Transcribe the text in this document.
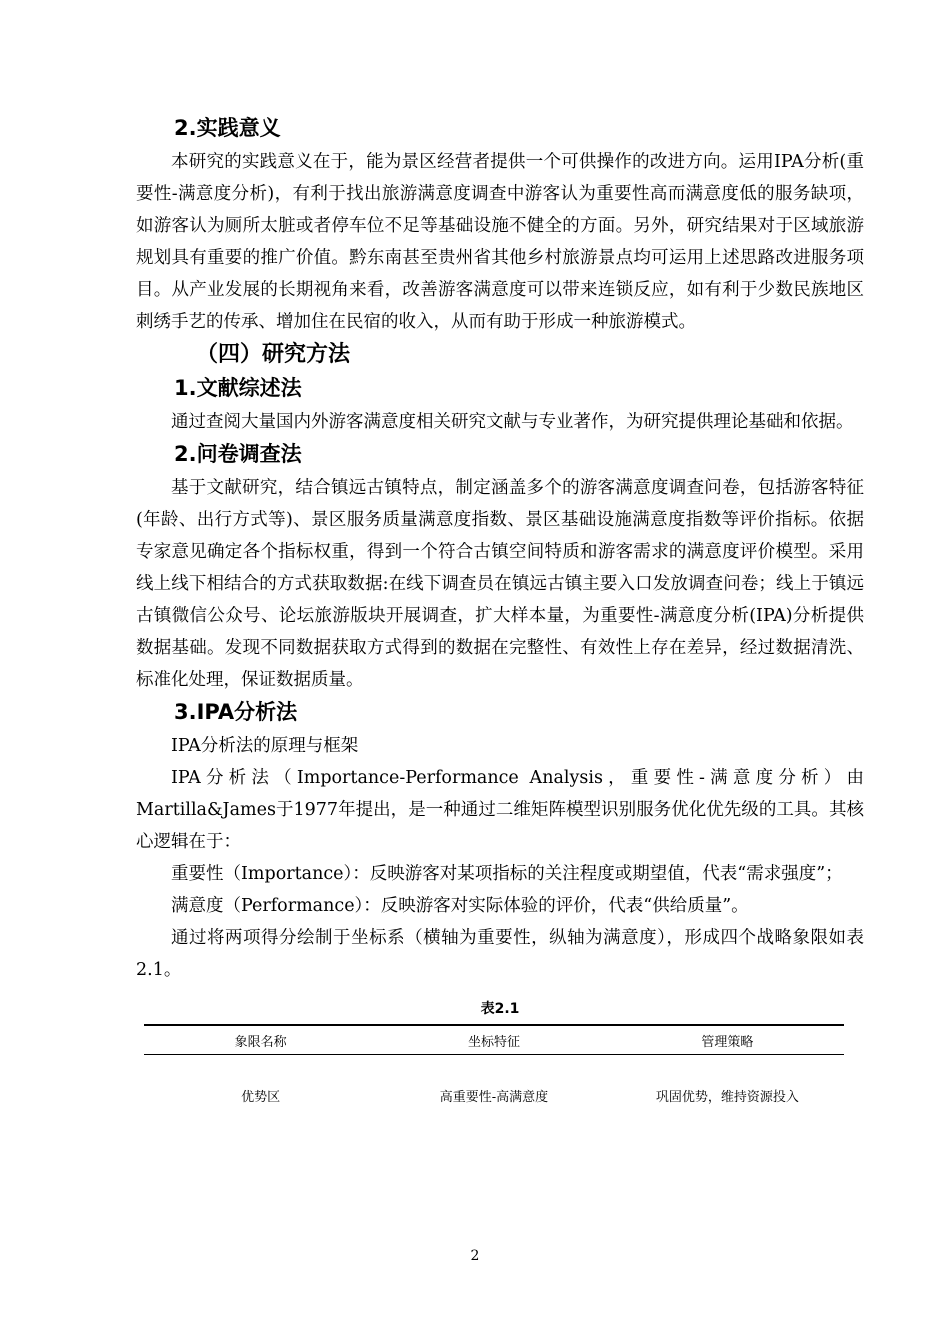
2.实践意义

本研究的实践意义在于，能为景区经营者提供一个可供操作的改进方向。运用IPA分析(重要性-满意度分析)，有利于找出旅游满意度调查中游客认为重要性高而满意度低的服务缺项，如游客认为厕所太脏或者停车位不足等基础设施不健全的方面。另外，研究结果对于区域旅游规划具有重要的推广价值。黔东南甚至贵州省其他乡村旅游景点均可运用上述思路改进服务项目。从产业发展的长期视角来看，改善游客满意度可以带来连锁反应，如有利于少数民族地区刺绣手艺的传承、增加住在民宿的收入，从而有助于形成一种旅游模式。

（四）研究方法

1.文献综述法

通过查阅大量国内外游客满意度相关研究文献与专业著作，为研究提供理论基础和依据。

2.问卷调查法

基于文献研究，结合镇远古镇特点，制定涵盖多个的游客满意度调查问卷，包括游客特征(年龄、出行方式等)、景区服务质量满意度指数、景区基础设施满意度指数等评价指标。依据专家意见确定各个指标权重，得到一个符合古镇空间特质和游客需求的满意度评价模型。采用线上线下相结合的方式获取数据:在线下调查员在镇远古镇主要入口发放调查问卷；线上于镇远古镇微信公众号、论坛旅游版块开展调查，扩大样本量，为重要性-满意度分析(IPA)分析提供数据基础。发现不同数据获取方式得到的数据在完整性、有效性上存在差异，经过数据清洗、标准化处理，保证数据质量。

3.IPA分析法

IPA分析法的原理与框架

IPA分析法（Importance-Performance Analysis，重要性-满意度分析）由Martilla&James于1977年提出，是一种通过二维矩阵模型识别服务优化优先级的工具。其核心逻辑在于：

重要性（Importance）：反映游客对某项指标的关注程度或期望值，代表“需求强度”；

满意度（Performance）：反映游客对实际体验的评价，代表“供给质量”。

通过将两项得分绘制于坐标系（横轴为重要性，纵轴为满意度），形成四个战略象限如表2.1。

表2.1
象限名称	坐标特征	管理策略
优势区	高重要性-高满意度	巩固优势，维持资源投入
2
